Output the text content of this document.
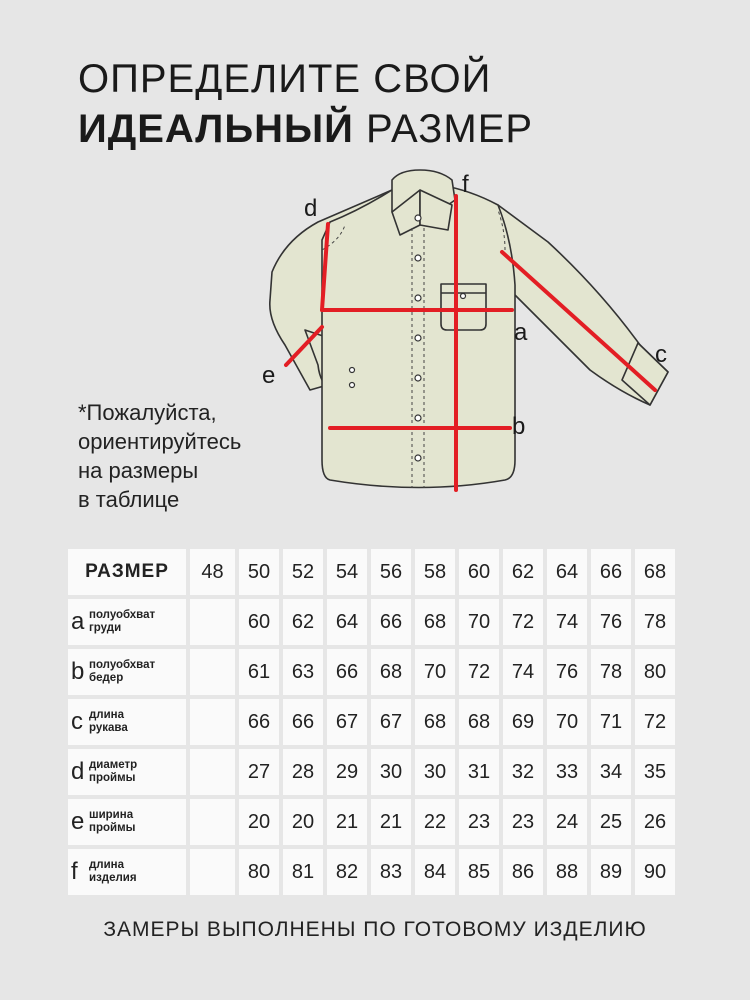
ОПРЕДЕЛИТЕ СВОЙ
ИДЕАЛЬНЫЙ РАЗМЕР
a
b
c
d
e
f
*Пожалуйста,
ориентируйтесь
на размеры
в таблице
РАЗМЕР	48	50	52	54	56	58	60	62	64	66	68
a полуобхват
груди		60	62	64	66	68	70	72	74	76	78
b полуобхват
бедер		61	63	66	68	70	72	74	76	78	80
c длина
рукава		66	66	67	67	68	68	69	70	71	72
d диаметр
проймы		27	28	29	30	30	31	32	33	34	35
e ширина
проймы		20	20	21	21	22	23	23	24	25	26
f длина
изделия		80	81	82	83	84	85	86	88	89	90
ЗАМЕРЫ ВЫПОЛНЕНЫ ПО ГОТОВОМУ ИЗДЕЛИЮ
